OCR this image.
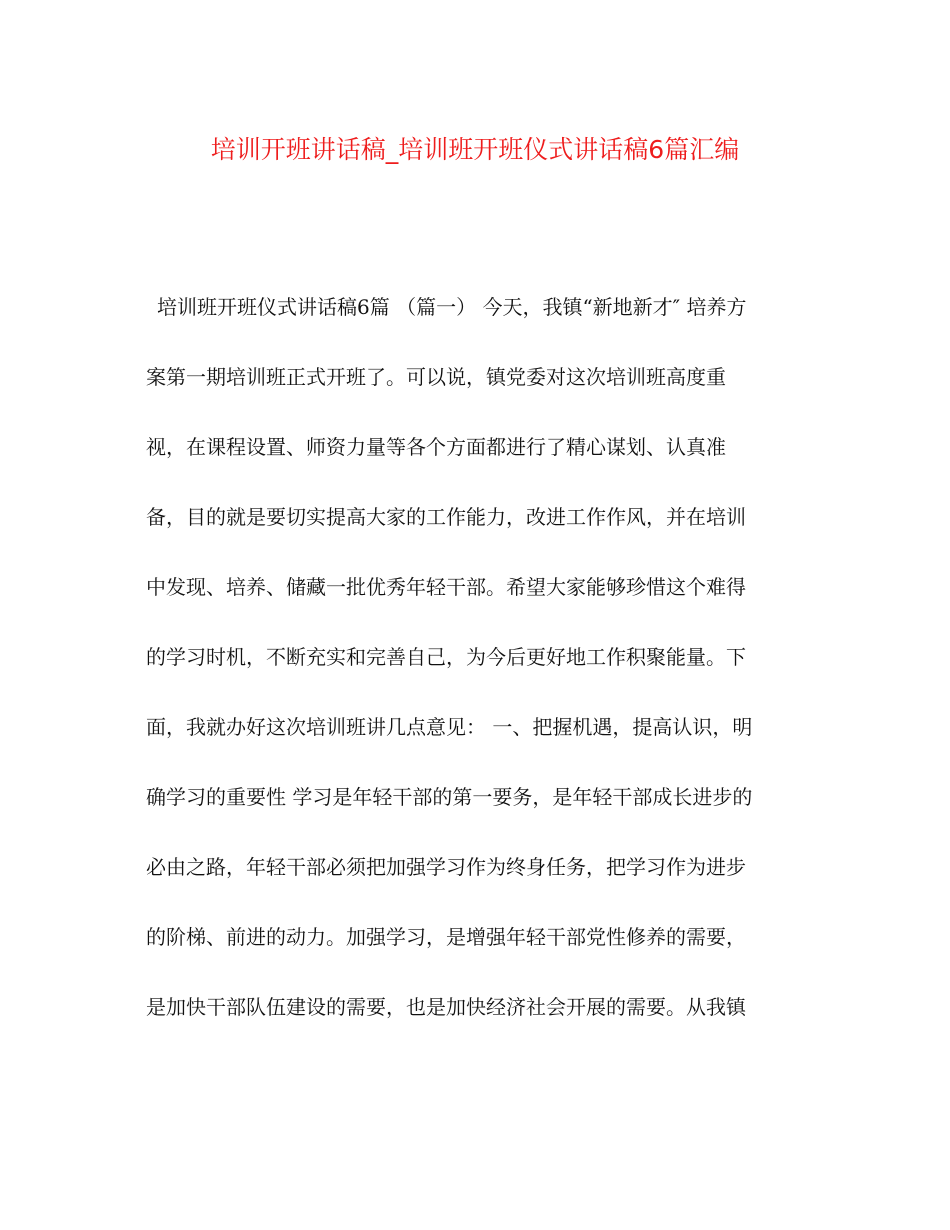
培训开班讲话稿_培训班开班仪式讲话稿6篇汇编
培训班开班仪式讲话稿6篇 （篇一） 今天，我镇“新地新才″ 培养方
案第一期培训班正式开班了。可以说，镇党委对这次培训班高度重
视，在课程设置、师资力量等各个方面都进行了精心谋划、认真准
备，目的就是要切实提高大家的工作能力，改进工作作风，并在培训
中发现、培养、储藏一批优秀年轻干部。希望大家能够珍惜这个难得
的学习时机，不断充实和完善自己，为今后更好地工作积聚能量。下
面，我就办好这次培训班讲几点意见： 一、把握机遇，提高认识，明
确学习的重要性 学习是年轻干部的第一要务，是年轻干部成长进步的
必由之路，年轻干部必须把加强学习作为终身任务，把学习作为进步
的阶梯、前进的动力。加强学习，是增强年轻干部党性修养的需要，
是加快干部队伍建设的需要，也是加快经济社会开展的需要。从我镇
